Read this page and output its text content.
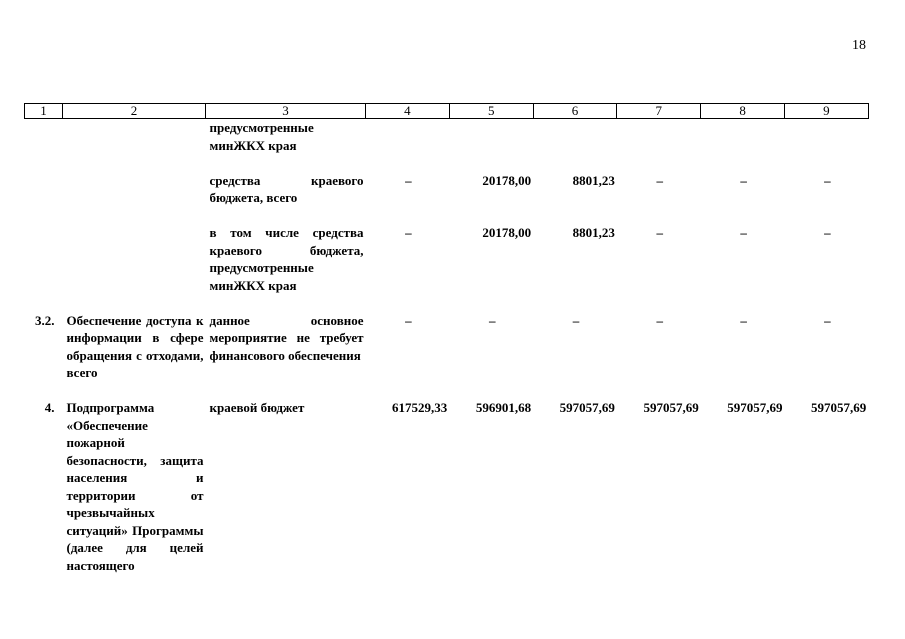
18
1	2	3	4	5	6	7	8	9
		предусмотренные минЖКХ края						

		средства краевого бюджета, всего	–	20178,00	8801,23	–	–	–

		в том числе средства краевого бюджета, предусмотренные минЖКХ края	–	20178,00	8801,23	–	–	–

3.2.	Обеспечение доступа к информации в сфере обращения с отходами, всего	данное основное мероприятие не требует финансового обеспечения	–	–	–	–	–	–

4.	Подпрограмма «Обеспечение пожарной безопасности, защита населения и территории от чрезвычайных ситуаций» Программы (далее для целей настоящего	краевой бюджет	617529,33	596901,68	597057,69	597057,69	597057,69	597057,69
